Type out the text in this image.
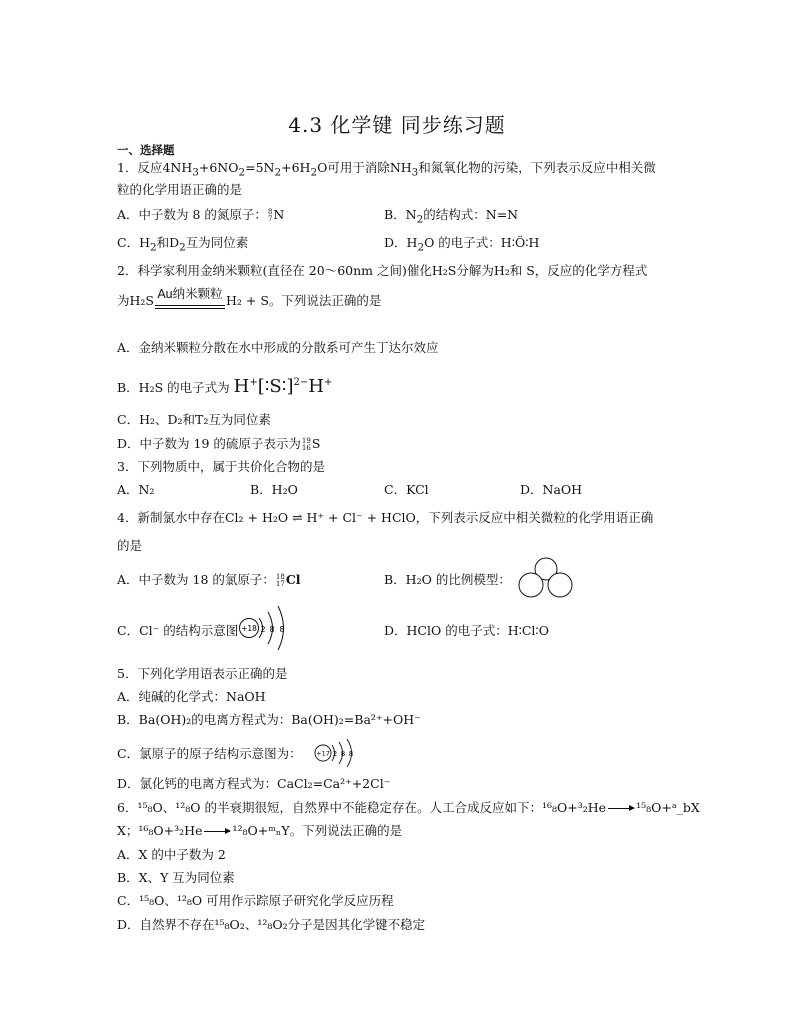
4.3 化学键 同步练习题
一、选择题
1．反应$4NH_3+6NO_2=5N_2+6H_2O$可用于消除$NH_3$和氮氧化物的污染，下列表示反应中相关微
粒的化学用语正确的是
A．中子数为 8 的氮原子： 8
7 N	B．$N_2$的结构式：N=N
C．$H_2$和$D_2$互为同位素	D．$H_2O$ 的电子式：H∶Ö∶H
2．科学家利用金纳米颗粒(直径在 20～60nm 之间)催化H₂S分解为H₂和 S，反应的化学方程式
为H₂S Au纳米颗粒 H₂ + S。下列说法正确的是
A．金纳米颗粒分散在水中形成的分散系可产生丁达尔效应
B．H₂S 的电子式为 H+[∶S∶]$^{2-}$H+
C．H₂、D₂和T₂互为同位素
D．中子数为 19 的硫原子表示为 19
16 S
3．下列物质中，属于共价化合物的是
A．N₂	B．H₂O	C．KCl	D．NaOH
4．新制氯水中存在Cl₂ + H₂O ⇌ H⁺ + Cl⁻ + HClO，下列表示反应中相关微粒的化学用语正确
的是
A．中子数为 18 的氯原子： 18
17 Cl	B．H₂O 的比例模型：
C．Cl⁻ 的结构示意图 +18 2 8 8	D．HClO 的电子式：H∶Cl∶O
5．下列化学用语表示正确的是
A．纯碱的化学式：NaOH
B．Ba(OH)₂的电离方程式为：Ba(OH)₂=Ba²⁺+OH⁻
C．氯原子的原子结构示意图为： +17 2 8 8
D．氯化钙的电离方程式为：CaCl₂=Ca²⁺+2Cl⁻
6．¹⁵₈O、¹²₈O 的半衰期很短，自然界中不能稳定存在。人工合成反应如下：¹⁶₈O+³₂He → ¹⁵₈O+ᵃ_bX
X；¹⁶₈O+³₂He → ¹²₈O+ᵐₙY。下列说法正确的是
A．X 的中子数为 2
B．X、Y 互为同位素
C．¹⁵₈O、¹²₈O 可用作示踪原子研究化学反应历程
D．自然界不存在¹⁵₈O₂、¹²₈O₂分子是因其化学键不稳定
